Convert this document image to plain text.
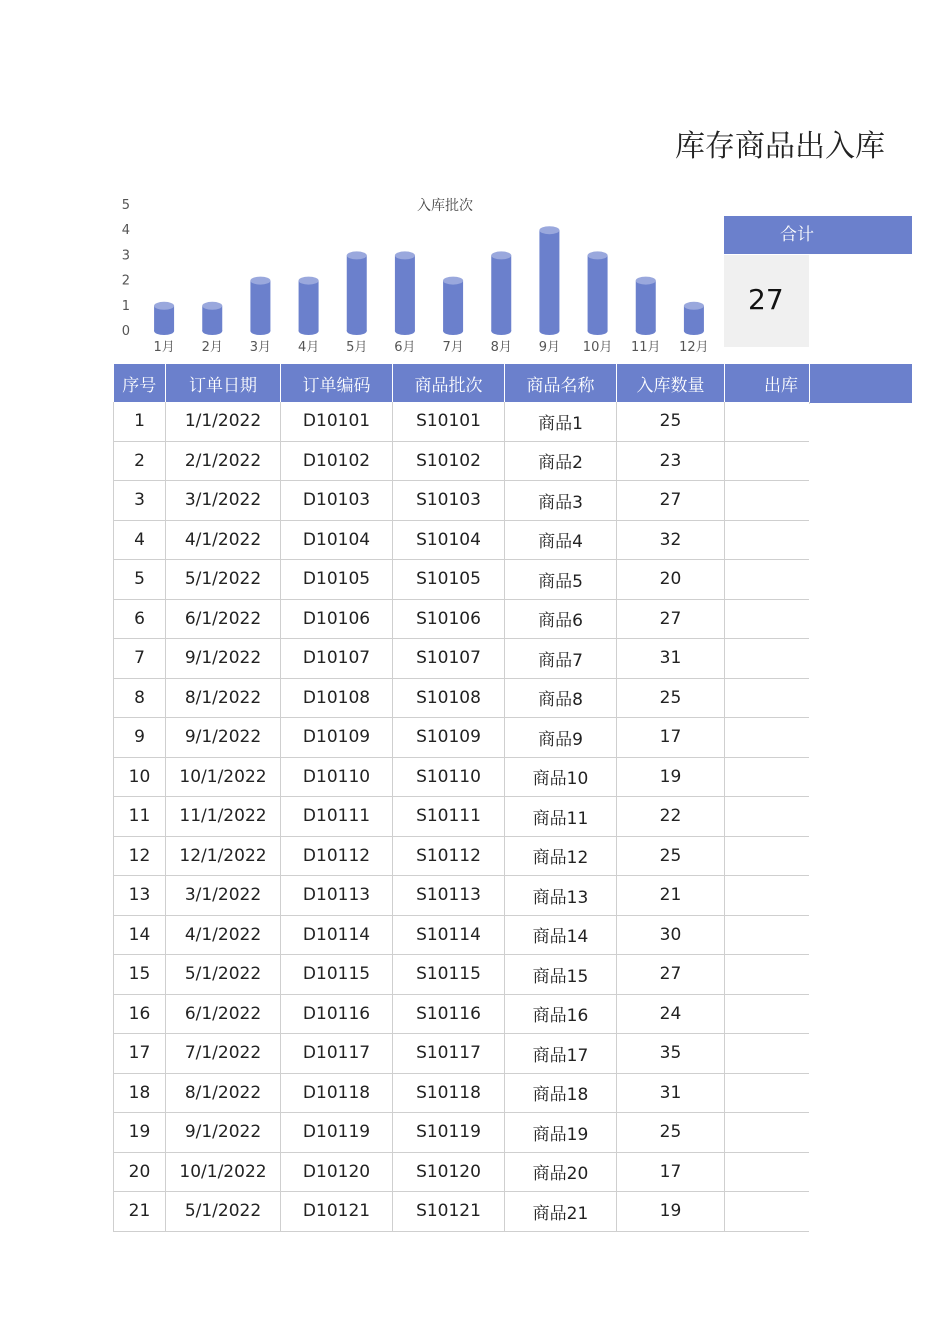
库存商品出入库
入库批次
0
1
2
3
4
5
1月 2月 3月 4月 5月 6月 7月 8月 9月 10月 11月 12月
合计
27
序号	订单日期	订单编码	商品批次	商品名称	入库数量	出库
1	1/1/2022	D10101	S10101	商品1	25	
2	2/1/2022	D10102	S10102	商品2	23	
3	3/1/2022	D10103	S10103	商品3	27	
4	4/1/2022	D10104	S10104	商品4	32	
5	5/1/2022	D10105	S10105	商品5	20	
6	6/1/2022	D10106	S10106	商品6	27	
7	9/1/2022	D10107	S10107	商品7	31	
8	8/1/2022	D10108	S10108	商品8	25	
9	9/1/2022	D10109	S10109	商品9	17	
10	10/1/2022	D10110	S10110	商品10	19	
11	11/1/2022	D10111	S10111	商品11	22	
12	12/1/2022	D10112	S10112	商品12	25	
13	3/1/2022	D10113	S10113	商品13	21	
14	4/1/2022	D10114	S10114	商品14	30	
15	5/1/2022	D10115	S10115	商品15	27	
16	6/1/2022	D10116	S10116	商品16	24	
17	7/1/2022	D10117	S10117	商品17	35	
18	8/1/2022	D10118	S10118	商品18	31	
19	9/1/2022	D10119	S10119	商品19	25	
20	10/1/2022	D10120	S10120	商品20	17	
21	5/1/2022	D10121	S10121	商品21	19	
